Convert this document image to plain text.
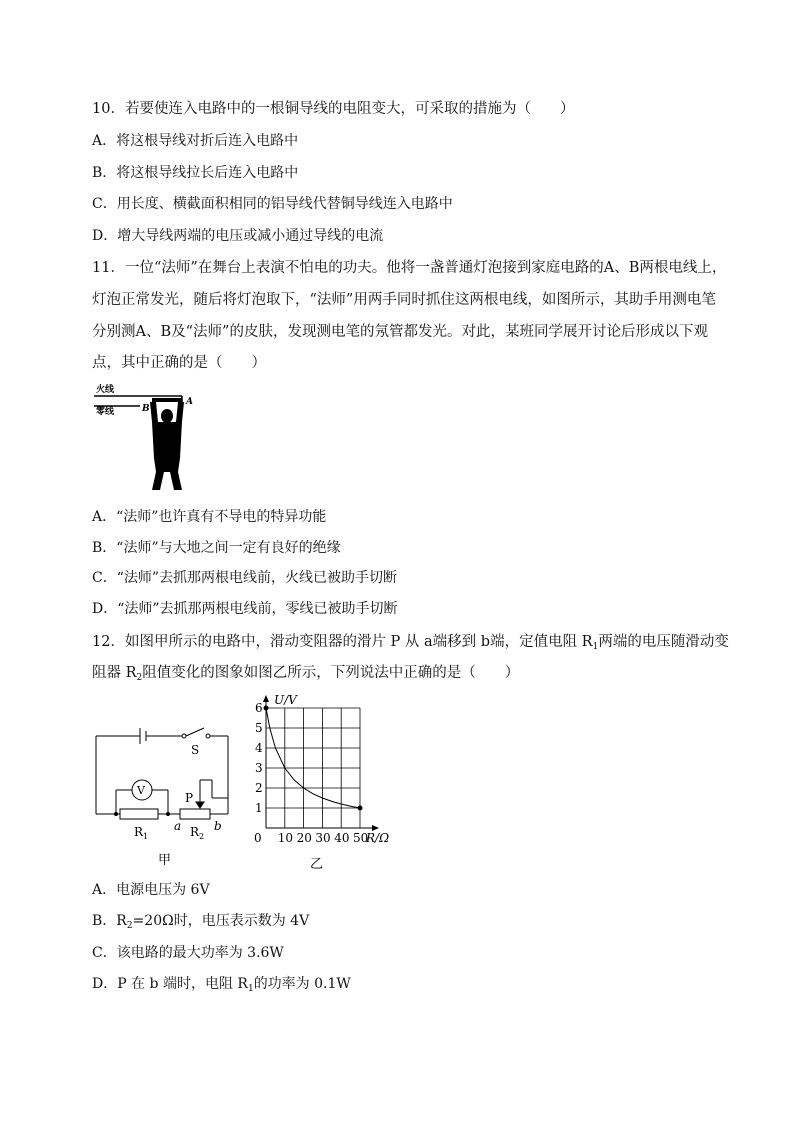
10．若要使连入电路中的一根铜导线的电阻变大，可采取的措施为（　　）
A．将这根导线对折后连入电路中
B．将这根导线拉长后连入电路中
C．用长度、横截面积相同的铝导线代替铜导线连入电路中
D．增大导线两端的电压或减小通过导线的电流
11．一位“法师”在舞台上表演不怕电的功夫。他将一盏普通灯泡接到家庭电路的A、B两根电线上，
灯泡正常发光，随后将灯泡取下，“法师”用两手同时抓住这两根电线，如图所示，其助手用测电笔
分别测A、B及“法师”的皮肤，发现测电笔的氖管都发光。对此，某班同学展开讨论后形成以下观
点，其中正确的是（　　）
火线
零线	B
A
A．“法师”也许真有不导电的特异功能
B．“法师”与大地之间一定有良好的绝缘
C．“法师”去抓那两根电线前，火线已被助手切断
D．“法师”去抓那两根电线前，零线已被助手切断
12．如图甲所示的电路中，滑动变阻器的滑片 P 从 a端移到 b端，定值电阻 $R_1$两端的电压随滑动变
阻器 $R_2$阻值变化的图象如图乙所示，下列说法中正确的是（　　）
S
V
P
$R_1$
a $R_2$
b
甲
0 10 20 30 40 50
1
2
3
4
5
6
U/V
R/Ω
乙
A．电源电压为 6V
B．$R_2=20\Omega$时，电压表示数为 4V
C．该电路的最大功率为 3.6W
D．P 在 b 端时，电阻 $R_1$的功率为 0.1W
